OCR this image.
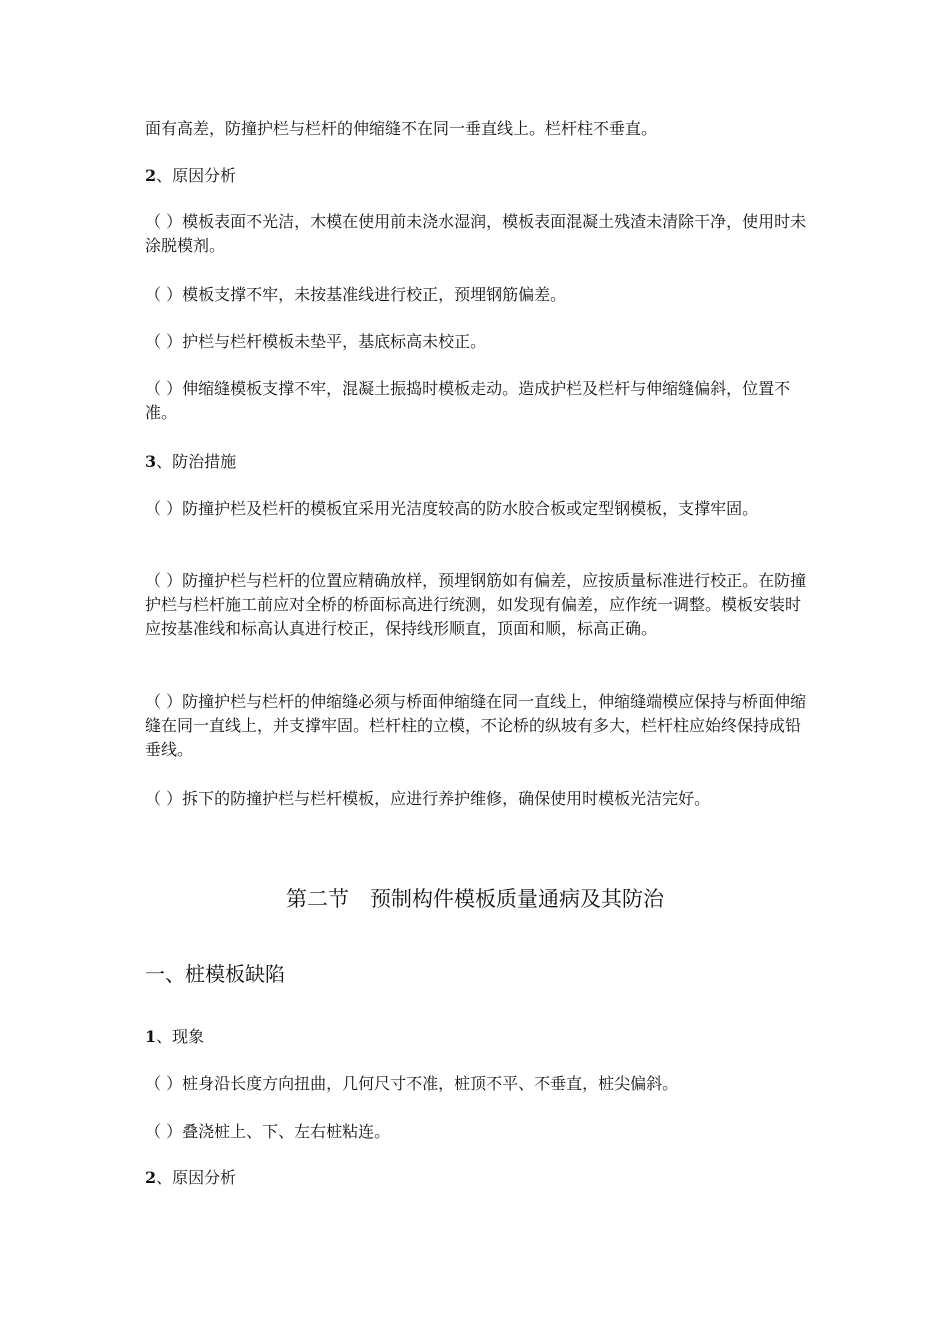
面有高差，防撞护栏与栏杆的伸缩缝不在同一垂直线上。栏杆柱不垂直。

2、原因分析

（ ）模板表面不光洁，木模在使用前未浇水湿润，模板表面混凝土残渣未清除干净，使用时未涂脱模剂。

（ ）模板支撑不牢，未按基准线进行校正，预埋钢筋偏差。

（ ）护栏与栏杆模板未垫平，基底标高未校正。

（ ）伸缩缝模板支撑不牢，混凝土振捣时模板走动。造成护栏及栏杆与伸缩缝偏斜，位置不准。

3、防治措施

（ ）防撞护栏及栏杆的模板宜采用光洁度较高的防水胶合板或定型钢模板，支撑牢固。

（ ）防撞护栏与栏杆的位置应精确放样，预埋钢筋如有偏差，应按质量标准进行校正。在防撞护栏与栏杆施工前应对全桥的桥面标高进行统测，如发现有偏差，应作统一调整。模板安装时应按基准线和标高认真进行校正，保持线形顺直，顶面和顺，标高正确。

（ ）防撞护栏与栏杆的伸缩缝必须与桥面伸缩缝在同一直线上，伸缩缝端模应保持与桥面伸缩缝在同一直线上，并支撑牢固。栏杆柱的立模，不论桥的纵坡有多大，栏杆柱应始终保持成铅垂线。

（ ）拆下的防撞护栏与栏杆模板，应进行养护维修，确保使用时模板光洁完好。

第二节　预制构件模板质量通病及其防治
一、桩模板缺陷

1、现象

（ ）桩身沿长度方向扭曲，几何尺寸不准，桩顶不平、不垂直，桩尖偏斜。

（ ）叠浇桩上、下、左右桩粘连。

2、原因分析
